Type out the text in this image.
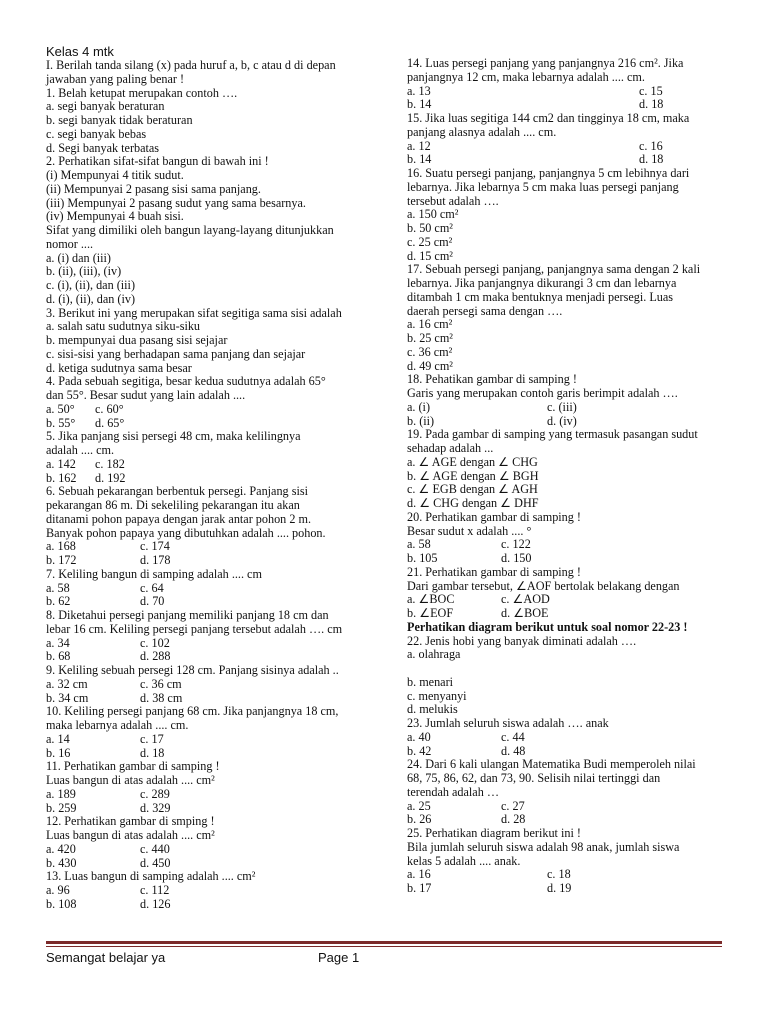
Kelas 4 mtk
I. Berilah tanda silang (x) pada huruf a, b, c atau d di depan
jawaban yang paling benar !
1. Belah ketupat merupakan contoh ….
a. segi banyak beraturan
b. segi banyak tidak beraturan
c. segi banyak bebas
d. Segi banyak terbatas
2. Perhatikan sifat-sifat bangun di bawah ini !
(i) Mempunyai 4 titik sudut.
(ii) Mempunyai 2 pasang sisi sama panjang.
(iii) Mempunyai 2 pasang sudut yang sama besarnya.
(iv) Mempunyai 4 buah sisi.
Sifat yang dimiliki oleh bangun layang-layang ditunjukkan
nomor ....
a. (i) dan (iii)
b. (ii), (iii), (iv)
c. (i), (ii), dan (iii)
d. (i), (ii), dan (iv)
3. Berikut ini yang merupakan sifat segitiga sama sisi adalah
a. salah satu sudutnya siku-siku
b. mempunyai dua pasang sisi sejajar
c. sisi-sisi yang berhadapan sama panjang dan sejajar
d. ketiga sudutnya sama besar
4. Pada sebuah segitiga, besar kedua sudutnya adalah 65°
dan 55°. Besar sudut yang lain adalah ....
a. 50°	c. 60°
b. 55°	d. 65°
5. Jika panjang sisi persegi 48 cm, maka kelilingnya
adalah .... cm.
a. 142	c. 182
b. 162	d. 192
6. Sebuah pekarangan berbentuk persegi. Panjang sisi
pekarangan 86 m. Di sekeliling pekarangan itu akan
ditanami pohon papaya dengan jarak antar pohon 2 m.
Banyak pohon papaya yang dibutuhkan adalah .... pohon.
a. 168	c. 174
b. 172	d. 178
7. Keliling bangun di samping adalah .... cm
a. 58	c. 64
b. 62	d. 70
8. Diketahui persegi panjang memiliki panjang 18 cm dan
lebar 16 cm. Keliling persegi panjang tersebut adalah …. cm
a. 34	c. 102
b. 68	d. 288
9. Keliling sebuah persegi 128 cm. Panjang sisinya adalah ..
a. 32 cm	c. 36 cm
b. 34 cm	d. 38 cm
10. Keliling persegi panjang 68 cm. Jika panjangnya 18 cm,
maka lebarnya adalah .... cm.
a. 14	c. 17
b. 16	d. 18
11. Perhatikan gambar di samping !
Luas bangun di atas adalah .... cm²
a. 189	c. 289
b. 259	d. 329
12. Perhatikan gambar di smping !
Luas bangun di atas adalah .... cm²
a. 420	c. 440
b. 430	d. 450
13. Luas bangun di samping adalah .... cm²
a. 96	c. 112
b. 108	d. 126
14. Luas persegi panjang yang panjangnya 216 cm². Jika
panjangnya 12 cm, maka lebarnya adalah .... cm.
a. 13	c. 15
b. 14	d. 18
15. Jika luas segitiga 144 cm2 dan tingginya 18 cm, maka
panjang alasnya adalah .... cm.
a. 12	c. 16
b. 14	d. 18
16. Suatu persegi panjang, panjangnya 5 cm lebihnya dari
lebarnya. Jika lebarnya 5 cm maka luas persegi panjang
tersebut adalah ….
a. 150 cm²
b. 50 cm²
c. 25 cm²
d. 15 cm²
17. Sebuah persegi panjang, panjangnya sama dengan 2 kali
lebarnya. Jika panjangnya dikurangi 3 cm dan lebarnya
ditambah 1 cm maka bentuknya menjadi persegi. Luas
daerah persegi sama dengan ….
a. 16 cm²
b. 25 cm²
c. 36 cm²
d. 49 cm²
18. Pehatikan gambar di samping !
Garis yang merupakan contoh garis berimpit adalah ….
a. (i)	c. (iii)
b. (ii)	d. (iv)
19. Pada gambar di samping yang termasuk pasangan sudut
sehadap adalah ...
a. ∠ AGE dengan ∠ CHG
b. ∠ AGE dengan ∠ BGH
c. ∠ EGB dengan ∠ AGH
d. ∠ CHG dengan ∠ DHF
20. Perhatikan gambar di samping !
Besar sudut x adalah .... °
a. 58	c. 122
b. 105	d. 150
21. Perhatikan gambar di samping !
Dari gambar tersebut, ∠AOF bertolak belakang dengan
a. ∠BOC	c. ∠AOD
b. ∠EOF	d. ∠BOE
Perhatikan diagram berikut untuk soal nomor 22-23 !
22. Jenis hobi yang banyak diminati adalah ….
a. olahraga
b. menari
c. menyanyi
d. melukis
23. Jumlah seluruh siswa adalah …. anak
a. 40	c. 44
b. 42	d. 48
24. Dari 6 kali ulangan Matematika Budi memperoleh nilai
68, 75, 86, 62, dan 73, 90. Selisih nilai tertinggi dan
terendah adalah …
a. 25	c. 27
b. 26	d. 28
25. Perhatikan diagram berikut ini !
Bila jumlah seluruh siswa adalah 98 anak, jumlah siswa
kelas 5 adalah .... anak.
a. 16	c. 18
b. 17	d. 19
Semangat belajar ya	Page 1
